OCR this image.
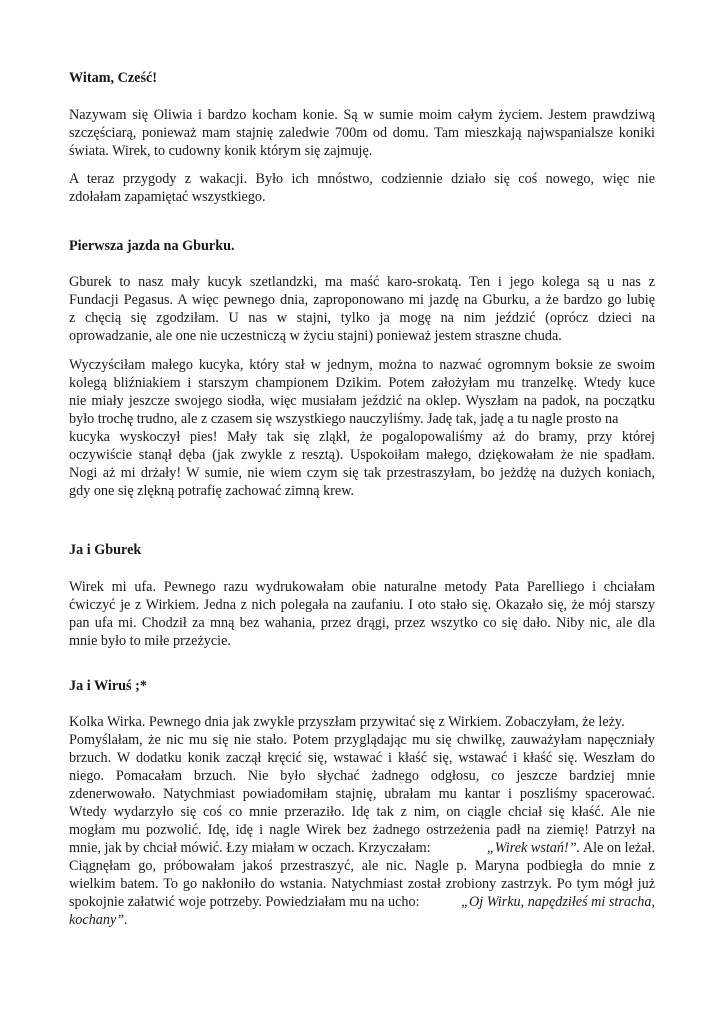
Witam, Cześć!
Nazywam się Oliwia i bardzo kocham konie. Są w sumie moim całym życiem. Jestem prawdziwą
szczęściarą, ponieważ mam stajnię zaledwie 700m od domu. Tam mieszkają najwspanialsze koniki
świata. Wirek, to cudowny konik którym się zajmuję.
A teraz przygody z wakacji. Było ich mnóstwo, codziennie działo się coś nowego, więc nie
zdołałam zapamiętać wszystkiego.
Pierwsza jazda na Gburku.
Gburek to nasz mały kucyk szetlandzki, ma maść karo-srokatą. Ten i jego kolega są u nas z
Fundacji Pegasus. A więc pewnego dnia, zaproponowano mi jazdę na Gburku, a że bardzo go lubię
z chęcią się zgodziłam. U nas w stajni, tylko ja mogę na nim jeździć (oprócz dzieci na
oprowadzanie, ale one nie uczestniczą w życiu stajni) ponieważ jestem straszne chuda.
Wyczyściłam małego kucyka, który stał w jednym, można to nazwać ogromnym boksie ze swoim
kolegą bliźniakiem i starszym championem Dzikim. Potem założyłam mu tranzelkę. Wtedy kuce
nie miały jeszcze swojego siodła, więc musiałam jeździć na oklep. Wyszłam na padok, na początku
było trochę trudno, ale z czasem się wszystkiego nauczyliśmy. Jadę tak, jadę a tu nagle prosto na
kucyka wyskoczył pies! Mały tak się zląkł, że pogalopowaliśmy aż do bramy, przy której
oczywiście stanął dęba (jak zwykle z resztą). Uspokoiłam małego, dziękowałam że nie spadłam.
Nogi aż mi drżały! W sumie, nie wiem czym się tak przestraszyłam, bo jeżdżę na dużych koniach,
gdy one się zlękną potrafię zachować zimną krew.
Ja i Gburek
Wirek mi ufa. Pewnego razu wydrukowałam obie naturalne metody Pata Parelliego i chciałam
ćwiczyć je z Wirkiem. Jedna z nich polegała na zaufaniu. I oto stało się. Okazało się, że mój starszy
pan ufa mi. Chodził za mną bez wahania, przez drągi, przez wszytko co się dało. Niby nic, ale dla
mnie było to miłe przeżycie.
Ja i Wiruś ;*
Kolka Wirka. Pewnego dnia jak zwykle przyszłam przywitać się z Wirkiem. Zobaczyłam, że leży.
Pomyślałam, że nic mu się nie stało. Potem przyglądając mu się chwilkę, zauważyłam napęczniały
brzuch. W dodatku konik zaczął kręcić się, wstawać i kłaść się, wstawać i kłaść się. Weszłam do
niego. Pomacałam brzuch. Nie było słychać żadnego odgłosu, co jeszcze bardziej mnie
zdenerwowało. Natychmiast powiadomiłam stajnię, ubrałam mu kantar i poszliśmy spacerować.
Wtedy wydarzyło się coś co mnie przeraziło. Idę tak z nim, on ciągle chciał się kłaść. Ale nie
mogłam mu pozwolić. Idę, idę i nagle Wirek bez żadnego ostrzeżenia padł na ziemię! Patrzył na
mnie, jak by chciał mówić. Łzy miałam w oczach. Krzyczałam:	„Wirek wstań!”. Ale on leżał.
Ciągnęłam go, próbowałam jakoś przestraszyć, ale nic. Nagle p. Maryna podbiegła do mnie z
wielkim batem. To go nakłoniło do wstania. Natychmiast został zrobiony zastrzyk. Po tym mógł już
spokojnie załatwić woje potrzeby. Powiedziałam mu na ucho:	„Oj Wirku, napędziłeś mi stracha,
kochany”.
